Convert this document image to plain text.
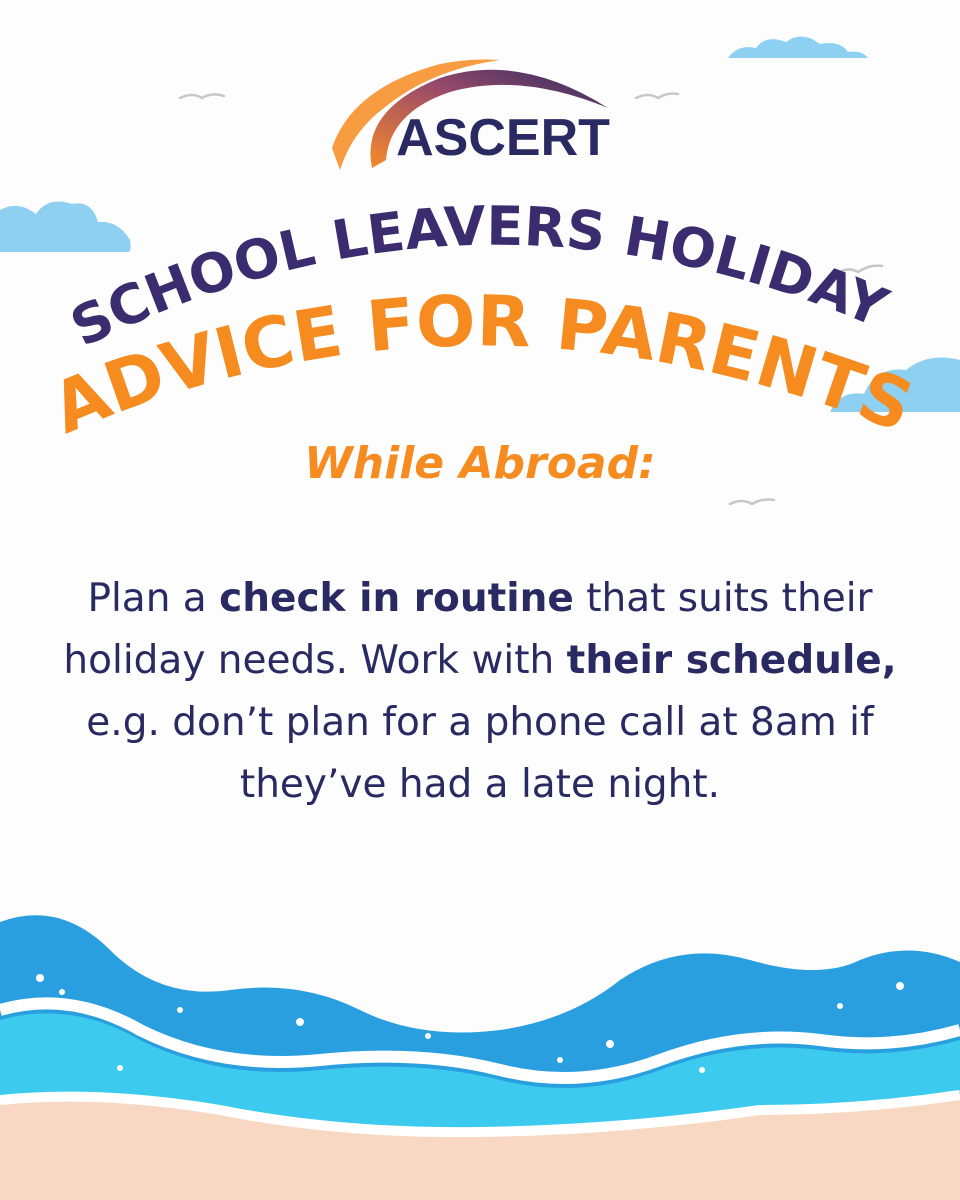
ASCERT
SCHOOL LEAVERS HOLIDAY
ADVICE FOR PARENTS
While Abroad:
Plan a check in routine that suits their holiday needs. Work with their schedule, e.g. don’t plan for a phone call at 8am if they’ve had a late night.
